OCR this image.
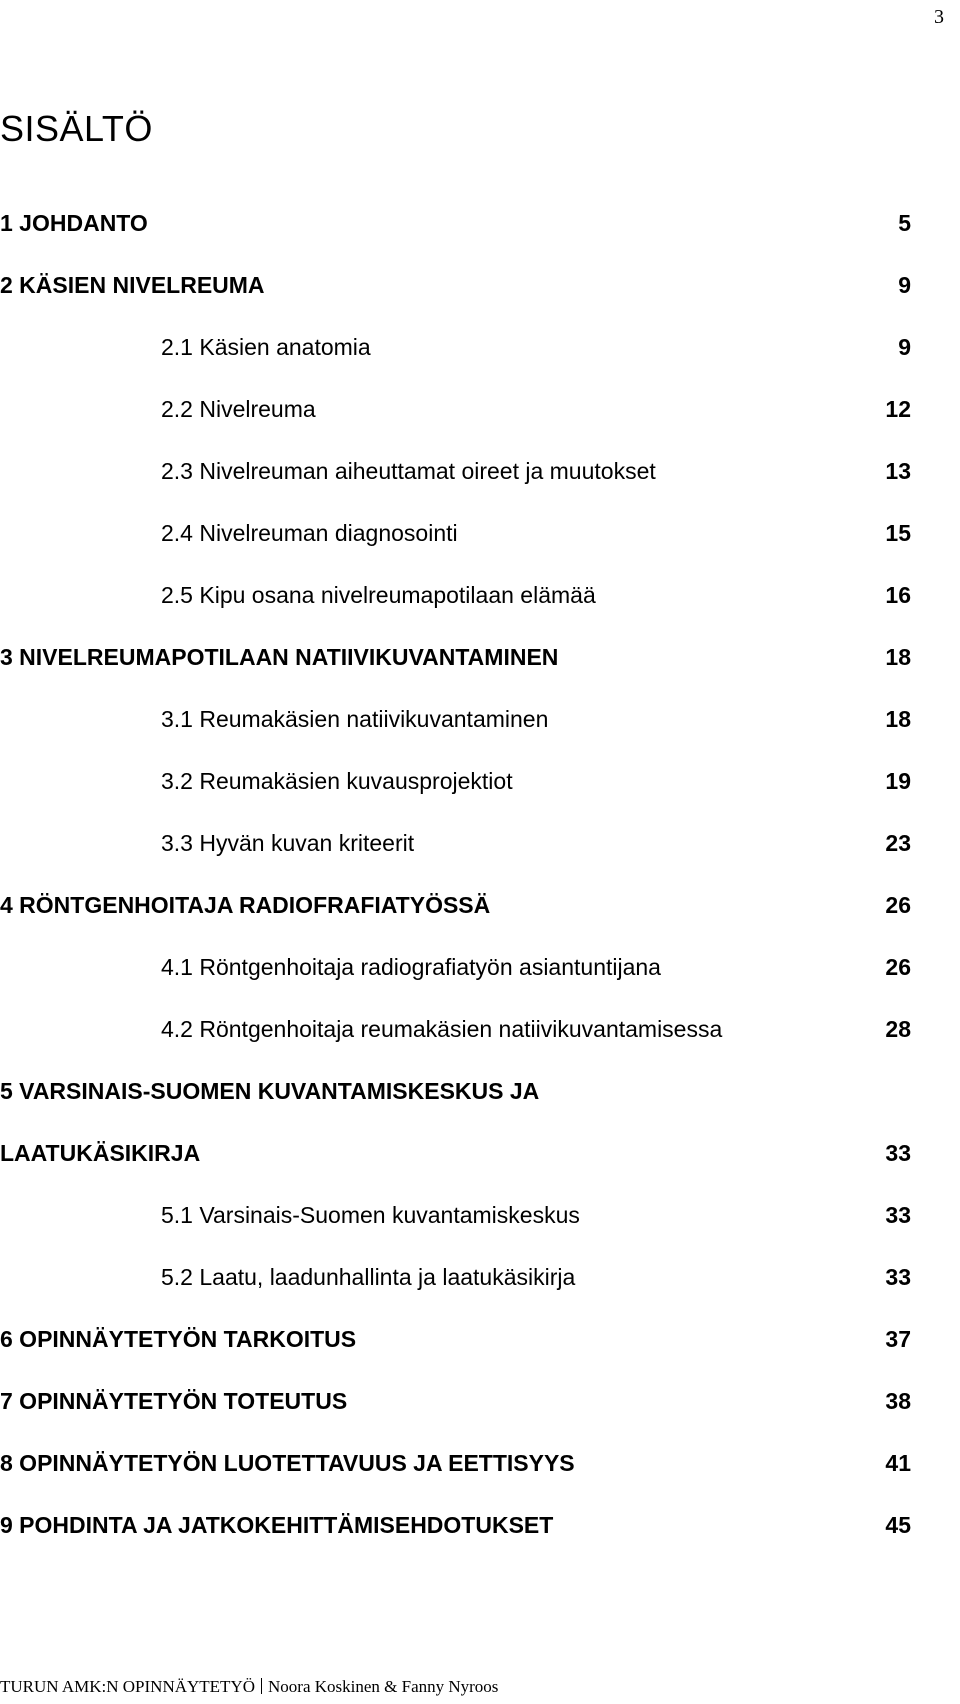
3
SISÄLTÖ
1 JOHDANTO	5
2 KÄSIEN NIVELREUMA	9
2.1 Käsien anatomia	9
2.2 Nivelreuma	12
2.3 Nivelreuman aiheuttamat oireet ja muutokset	13
2.4 Nivelreuman diagnosointi	15
2.5 Kipu osana nivelreumapotilaan elämää	16
3 NIVELREUMAPOTILAAN NATIIVIKUVANTAMINEN	18
3.1 Reumakäsien natiivikuvantaminen	18
3.2 Reumakäsien kuvausprojektiot	19
3.3 Hyvän kuvan kriteerit	23
4 RÖNTGENHOITAJA RADIOFRAFIATYÖSSÄ	26
4.1 Röntgenhoitaja radiografiatyön asiantuntijana	26
4.2 Röntgenhoitaja reumakäsien natiivikuvantamisessa	28
5 VARSINAIS-SUOMEN KUVANTAMISKESKUS JA
LAATUKÄSIKIRJA	33
5.1 Varsinais-Suomen kuvantamiskeskus	33
5.2 Laatu, laadunhallinta ja laatukäsikirja	33
6 OPINNÄYTETYÖN TARKOITUS	37
7 OPINNÄYTETYÖN TOTEUTUS	38
8 OPINNÄYTETYÖN LUOTETTAVUUS JA EETTISYYS	41
9 POHDINTA JA JATKOKEHITTÄMISEHDOTUKSET	45
TURUN AMK:N OPINNÄYTETYÖ Noora Koskinen & Fanny Nyroos
